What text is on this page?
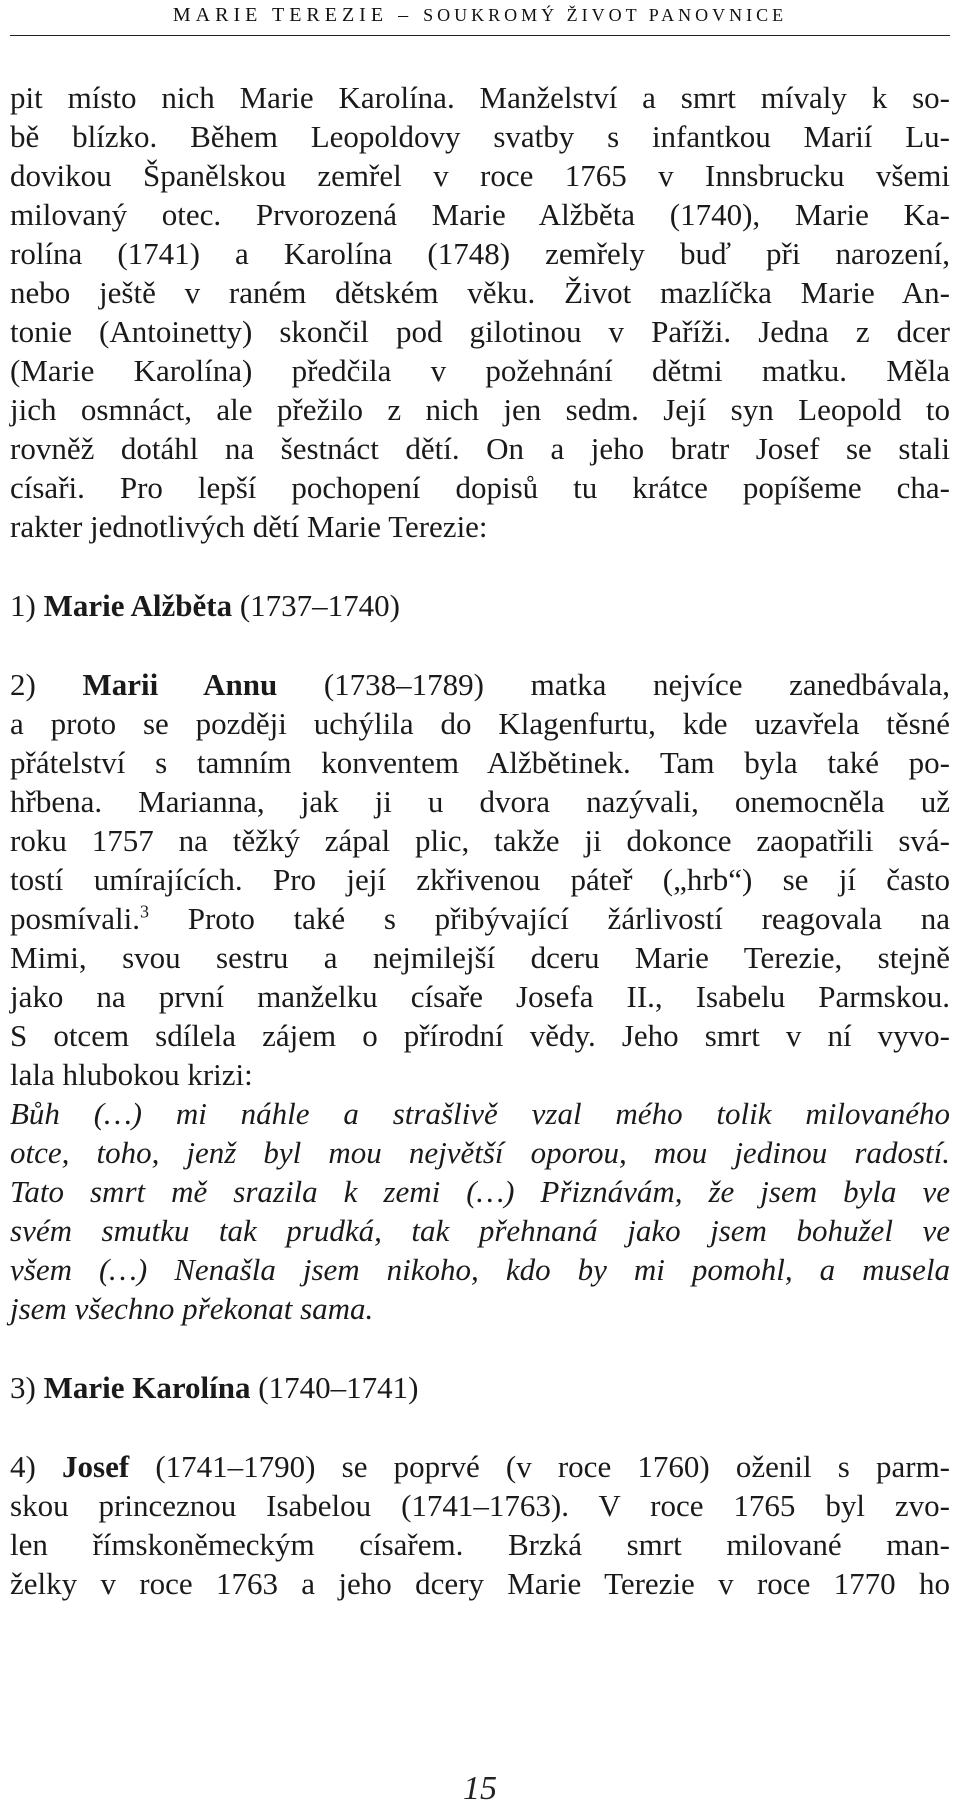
MARIE TEREZIE – SOUKROMÝ ŽIVOT PANOVNICE
pit místo nich Marie Karolína. Manželství a smrt mívaly k so-
bě blízko. Během Leopoldovy svatby s infantkou Marií Lu-
dovikou Španělskou zemřel v roce 1765 v Innsbrucku všemi
milovaný otec. Prvorozená Marie Alžběta (1740), Marie Ka-
rolína (1741) a Karolína (1748) zemřely buď při narození,
nebo ještě v raném dětském věku. Život mazlíčka Marie An-
tonie (Antoinetty) skončil pod gilotinou v Paříži. Jedna z dcer
(Marie Karolína) předčila v požehnání dětmi matku. Měla
jich osmnáct, ale přežilo z nich jen sedm. Její syn Leopold to
rovněž dotáhl na šestnáct dětí. On a jeho bratr Josef se stali
císaři. Pro lepší pochopení dopisů tu krátce popíšeme cha-
rakter jednotlivých dětí Marie Terezie:
1) Marie Alžběta (1737–1740)
2) Marii Annu (1738–1789) matka nejvíce zanedbávala,
a proto se později uchýlila do Klagenfurtu, kde uzavřela těsné
přátelství s tamním konventem Alžbětinek. Tam byla také po-
hřbena. Marianna, jak ji u dvora nazývali, onemocněla už
roku 1757 na těžký zápal plic, takže ji dokonce zaopatřili svá-
tostí umírajících. Pro její zkřivenou páteř („hrb“) se jí často
posmívali.$^3$ Proto také s přibývající žárlivostí reagovala na
Mimi, svou sestru a nejmilejší dceru Marie Terezie, stejně
jako na první manželku císaře Josefa II., Isabelu Parmskou.
S otcem sdílela zájem o přírodní vědy. Jeho smrt v ní vyvo-
lala hlubokou krizi:
Bůh (…) mi náhle a strašlivě vzal mého tolik milovaného
otce, toho, jenž byl mou největší oporou, mou jedinou radostí.
Tato smrt mě srazila k zemi (…) Přiznávám, že jsem byla ve
svém smutku tak prudká, tak přehnaná jako jsem bohužel ve
všem (…) Nenašla jsem nikoho, kdo by mi pomohl, a musela
jsem všechno překonat sama.
3) Marie Karolína (1740–1741)
4) Josef (1741–1790) se poprvé (v roce 1760) oženil s parm-
skou princeznou Isabelou (1741–1763). V roce 1765 byl zvo-
len římskoněmeckým císařem. Brzká smrt milované man-
želky v roce 1763 a jeho dcery Marie Terezie v roce 1770 ho
15
